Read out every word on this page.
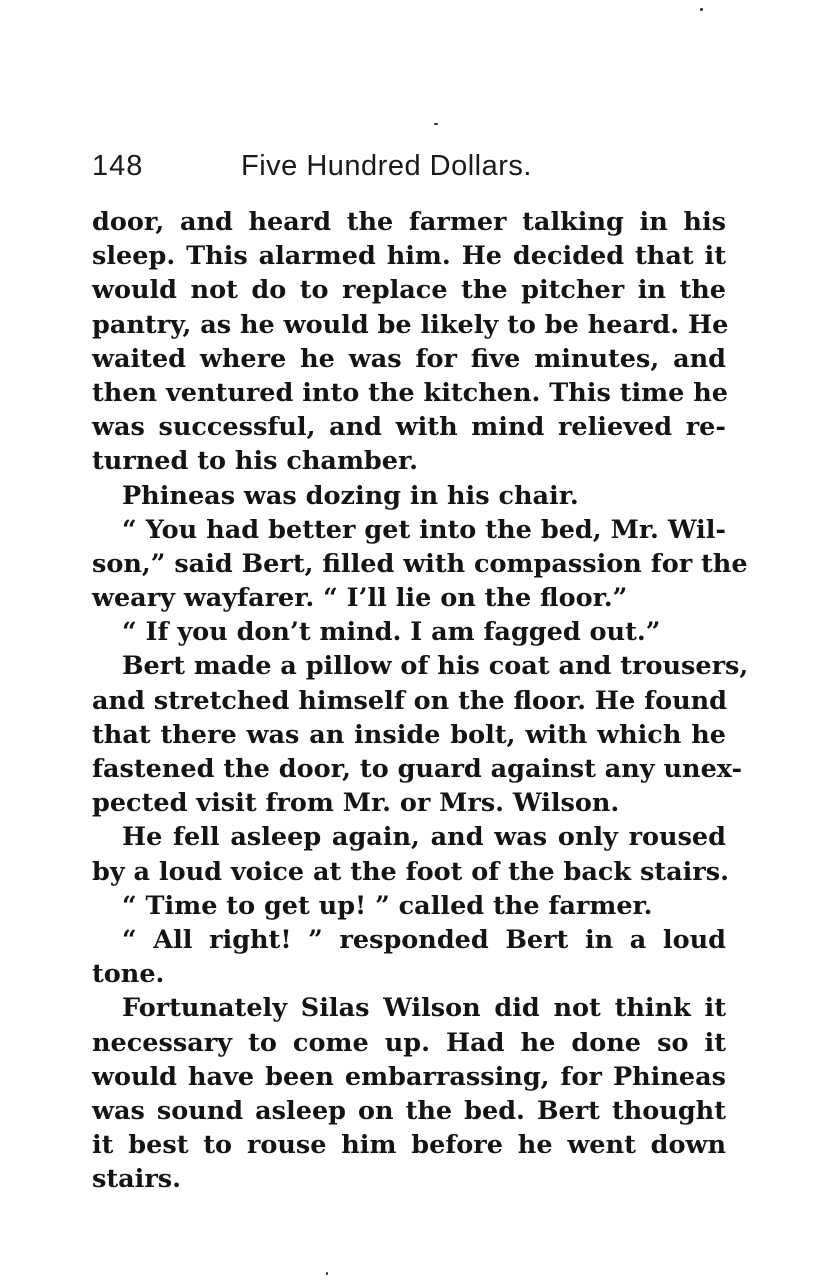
148	Five Hundred Dollars.
door, and heard the farmer talking in his
sleep. This alarmed him. He decided that it
would not do to replace the pitcher in the
pantry, as he would be likely to be heard. He
waited where he was for five minutes, and
then ventured into the kitchen. This time he
was successful, and with mind relieved re-
turned to his chamber.
Phineas was dozing in his chair.
“ You had better get into the bed, Mr. Wil-
son,” said Bert, filled with compassion for the
weary wayfarer. “ I’ll lie on the floor.”
“ If you don’t mind. I am fagged out.”
Bert made a pillow of his coat and trousers,
and stretched himself on the floor. He found
that there was an inside bolt, with which he
fastened the door, to guard against any unex-
pected visit from Mr. or Mrs. Wilson.
He fell asleep again, and was only roused
by a loud voice at the foot of the back stairs.
“ Time to get up! ” called the farmer.
“ All right! ” responded Bert in a loud
tone.
Fortunately Silas Wilson did not think it
necessary to come up. Had he done so it
would have been embarrassing, for Phineas
was sound asleep on the bed. Bert thought
it best to rouse him before he went down
stairs.
